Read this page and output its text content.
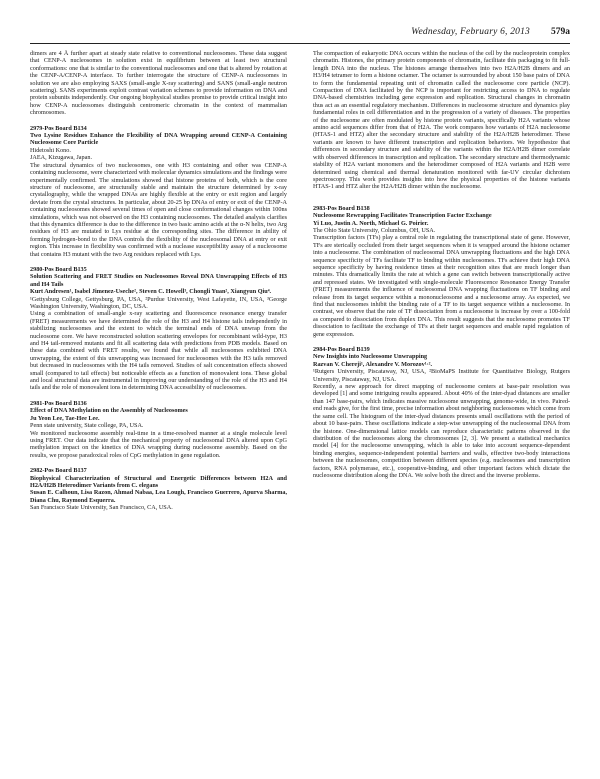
Wednesday, February 6, 2013 579a

dimers are 4 Å further apart at steady state relative to conventional nucleosomes. These data suggest that CENP-A nucleosomes in solution exist in equilibrium between at least two structural conformations: one that is similar to the conventional nucleosomes and one that is altered by rotation at the CENP-A/CENP-A interface. To further interrogate the structure of CENP-A nucleosomes in solution we are also employing SAXS (small-angle X-ray scattering) and SANS (small-angle neutron scattering). SANS experiments exploit contrast variation schemes to provide information on DNA and protein subunits independently. Our ongoing biophysical studies promise to provide critical insight into how CENP-A nucleosomes distinguish centromeric chromatin in the context of mammalian chromosomes.

2979-Pos Board B134

Two Lysine Residues Enhance the Flexibility of DNA Wrapping around CENP-A Containing Nucleosome Core Particle

Hidetoshi Kono.

JAEA, Kizugawa, Japan.

The structural dynamics of two nucleosomes, one with H3 containing and other was CENP-A containing nucleosome, were characterized with molecular dynamics simulations and the findings were experimentally confirmed. The simulations showed that histone proteins of both, which is the core structure of nucleosome, are structurally stable and maintain the structure determined by x-ray crystallography, while the wrapped DNAs are highly flexible at the entry or exit region and largely deviate from the crystal structures. In particular, about 20-25 bp DNAs of entry or exit of the CENP-A containing nucleosomes showed several times of open and close conformational changes within 100ns simulations, which was not observed on the H3 containing nucleosomes. The detailed analysis clarifies that this dynamics difference is due to the difference in two basic amino acids at the α-N helix, two Arg residues of H3 are mutated to Lys residue at the corresponding sites. The difference in ability of forming hydrogen-bond to the DNA controls the flexibility of the nucleosomal DNA at entry or exit region. This increase in flexibility was confirmed with a nuclease susceptibility assay of a nucleosome that contains H3 mutant with the two Arg residues replaced with Lys.

2980-Pos Board B135

Solution Scattering and FRET Studies on Nucleosomes Reveal DNA Unwrapping Effects of H3 and H4 Tails

Kurt Andresen¹, Isabel Jimenez-Useche², Steven C. Howell³, Chongli Yuan², Xiangyun Qiu⁴.

¹Gettysburg College, Gettysburg, PA, USA, ²Purdue University, West Lafayette, IN, USA, ³George Washington University, Washington, DC, USA.

Using a combination of small-angle x-ray scattering and fluorescence resonance energy transfer (FRET) measurements we have determined the role of the H3 and H4 histone tails independently in stabilizing nucleosomes and the extent to which the terminal ends of DNA unwrap from the nucleosome core. We have reconstructed solution scattering envelopes for recombinant wild-type, H3 and H4 tail-removed mutants and fit all scattering data with predictions from PDB models. Based on these data combined with FRET results, we found that while all nucleosomes exhibited DNA unwrapping, the extent of this unwrapping was increased for nucleosomes with the H3 tails removed but decreased in nucleosomes with the H4 tails removed. Studies of salt concentration effects showed small (compared to tail effects) but noticeable effects as a function of monovalent ions. These global and local structural data are instrumental in improving our understanding of the role of the H3 and H4 tails and the role of monovalent ions in determining DNA accessibility of nucleosomes.

2981-Pos Board B136

Effect of DNA Methylation on the Assembly of Nucleosomes

Ju Yeon Lee, Tae-Hee Lee.

Penn state university, State college, PA, USA.

We monitored nucleosome assembly real-time in a time-resolved manner at a single molecule level using FRET. Our data indicate that the mechanical property of nucleosomal DNA altered upon CpG methylation impact on the kinetics of DNA wrapping during nucleosome assembly. Based on the results, we propose paradoxical roles of CpG methylation in gene regulation.

2982-Pos Board B137

Biophysical Characterization of Structural and Energetic Differences between H2A and H2A/H2B Heterodimer Variants from C. elegans

Susan E. Calhoun, Lisa Razon, Ahmad Nabaa, Lea Lough, Francisco Guerrero, Apurva Sharma, Diana Chu, Raymond Esquerra.

San Francisco State University, San Francisco, CA, USA.

The compaction of eukaryotic DNA occurs within the nucleus of the cell by the nucleoprotein complex chromatin. Histones, the primary protein components of chromatin, facilitate this packaging to fit full-length DNA into the nucleus. The histones arrange themselves into two H2A/H2B dimers and an H3/H4 tetramer to form a histone octamer. The octamer is surrounded by about 150 base pairs of DNA to form the fundamental repeating unit of chromatin called the nucleosome core particle (NCP). Compaction of DNA facilitated by the NCP is important for restricting access to DNA to regulate DNA-based chemistries including gene expression and replication. Structural changes in chromatin thus act as an essential regulatory mechanism. Differences in nucleosome structure and dynamics play fundamental roles in cell differentiation and in the progression of a variety of diseases. The properties of the nucleosome are often modulated by histone protein variants, specifically H2A variants whose amino acid sequences differ from that of H2A. The work compares how variants of H2A nucleosome (HTAS-1 and HTZ) alter the secondary structure and stability of the H2A/H2B heterodimer. These variants are known to have different transcription and replication behaviors. We hypothesize that differences in secondary structure and stability of the variants within the H2A/H2B dimer correlate with observed differences in transcription and replication. The secondary structure and thermodynamic stability of H2A variant monomers and the heterodimer composed of H2A variants and H2B were determined using chemical and thermal denaturation monitored with far-UV circular dichroism spectroscopy. This work provides insights into how the physical properties of the histone variants HTAS-1 and HTZ alter the H2A/H2B dimer within the nucleosome.

2983-Pos Board B138

Nucleosome Rewrapping Facilitates Transcription Factor Exchange

Yi Luo, Justin A. North, Michael G. Poirier.

The Ohio State University, Columbus, OH, USA.

Transcription factors (TFs) play a central role in regulating the transcriptional state of gene. However, TFs are sterically occluded from their target sequences when it is wrapped around the histone octamer into a nucleosome. The combination of nucleosomal DNA unwrapping fluctuations and the high DNA sequence specificity of TFs facilitate TF to binding within nucleosomes. TFs achieve their high DNA sequence specificity by having residence times at their recognition sites that are much longer than minutes. This dramatically limits the rate at which a gene can switch between transcriptionally active and repressed states. We investigated with single-molecule Fluorescence Resonance Energy Transfer (FRET) measurements the influence of nucleosomal DNA wrapping fluctuations on TF binding and release from its target sequence within a mononucleosome and a nucleosome array. As expected, we find that nucleosomes inhibit the binding rate of a TF to its target sequence within a nucleosome. In contrast, we observe that the rate of TF dissociation from a nucleosome is increase by over a 100-fold as compared to dissociation from duplex DNA. This result suggests that the nucleosome promotes TF dissociation to facilitate the exchange of TFs at their target sequences and enable rapid regulation of gene expression.

2984-Pos Board B139

New Insights into Nucleosome Unwrapping

Razvan V. Chereji¹, Alexandre V. Morozov¹·².

¹Rutgers University, Piscataway, NJ, USA, ²BioMaPS Institute for Quantitative Biology, Rutgers University, Piscataway, NJ, USA.

Recently, a new approach for direct mapping of nucleosome centers at base-pair resolution was developed [1] and some intriguing results appeared. About 40% of the inter-dyad distances are smaller than 147 base-pairs, which indicates massive nucleosome unwrapping, genome-wide, in vivo. Paired-end reads give, for the first time, precise information about neighboring nucleosomes which come from the same cell. The histogram of the inter-dyad distances presents small oscillations with the period of about 10 base-pairs. These oscillations indicate a step-wise unwrapping of the nucleosomal DNA from the histone. One-dimensional lattice models can reproduce characteristic patterns observed in the distribution of the nucleosomes along the chromosomes [2, 3]. We present a statistical mechanics model [4] for the nucleosome unwrapping, which is able to take into account sequence-dependent binding energies, sequence-independent potential barriers and walls, effective two-body interactions between the nucleosomes, competition between different species (e.g. nucleosomes and transcription factors, RNA polymerase, etc.), cooperative-binding, and other important factors which dictate the nucleosome distribution along the DNA. We solve both the direct and the inverse problems.
